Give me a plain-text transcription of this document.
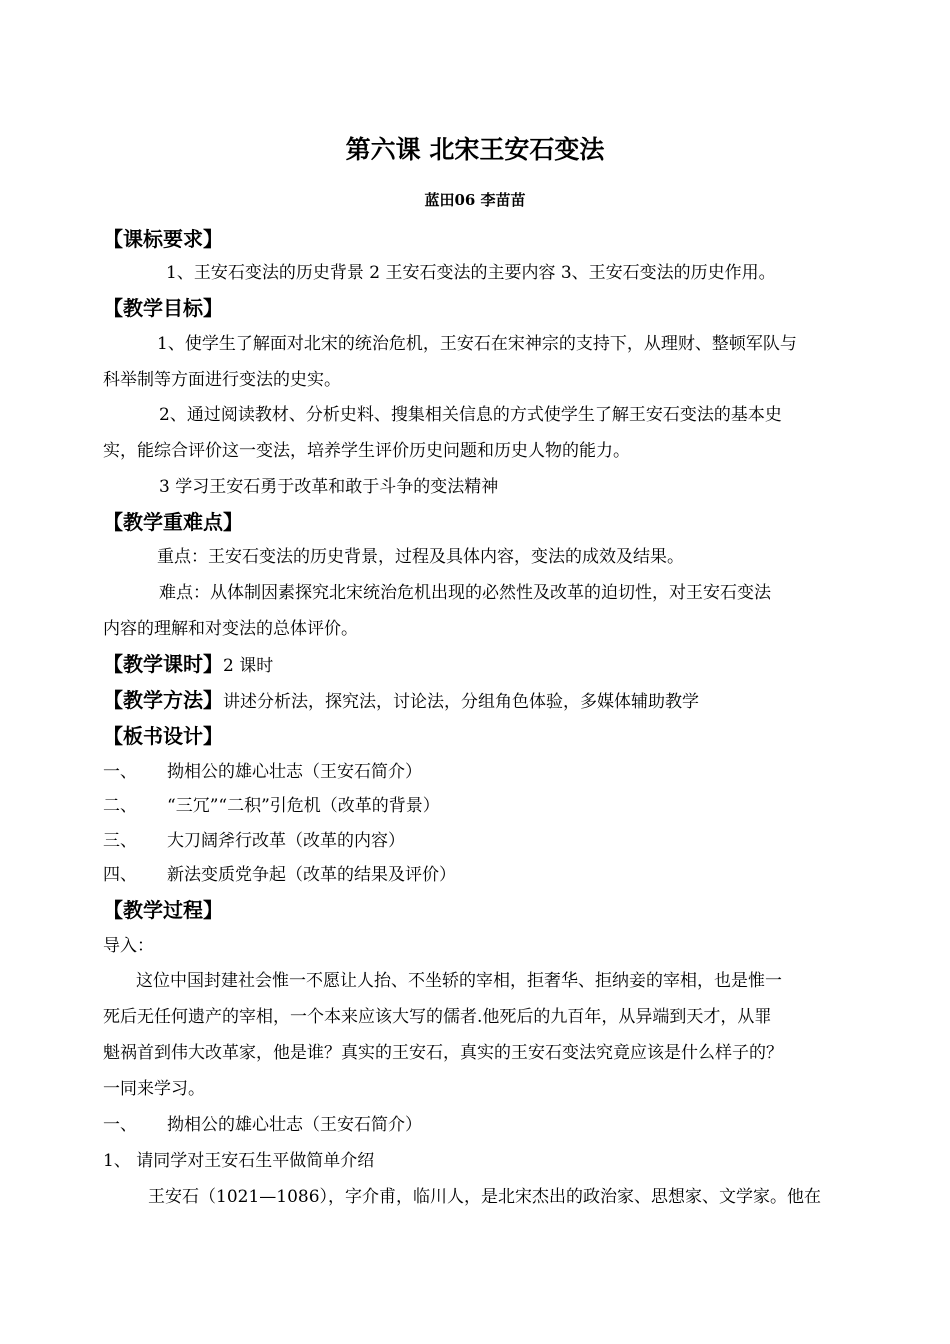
第六课 北宋王安石变法
蓝田06 李苗苗
【课标要求】
1、王安石变法的历史背景 2 王安石变法的主要内容 3、王安石变法的历史作用。
【教学目标】
1、使学生了解面对北宋的统治危机，王安石在宋神宗的支持下，从理财、整顿军队与
科举制等方面进行变法的史实。
2、通过阅读教材、分析史料、搜集相关信息的方式使学生了解王安石变法的基本史
实，能综合评价这一变法，培养学生评价历史问题和历史人物的能力。
3 学习王安石勇于改革和敢于斗争的变法精神
【教学重难点】
重点：王安石变法的历史背景，过程及具体内容，变法的成效及结果。
难点：从体制因素探究北宋统治危机出现的必然性及改革的迫切性，对王安石变法
内容的理解和对变法的总体评价。
【教学课时】2 课时
【教学方法】讲述分析法，探究法，讨论法，分组角色体验，多媒体辅助教学
【板书设计】
一、 拗相公的雄心壮志（王安石简介）
二、 “三冗”“二积”引危机（改革的背景）
三、 大刀阔斧行改革（改革的内容）
四、 新法变质党争起（改革的结果及评价）
【教学过程】
导入：
这位中国封建社会惟一不愿让人抬、不坐轿的宰相，拒奢华、拒纳妾的宰相，也是惟一
死后无任何遗产的宰相，一个本来应该大写的儒者.他死后的九百年，从异端到天才，从罪
魁祸首到伟大改革家，他是谁？真实的王安石，真实的王安石变法究竟应该是什么样子的？
一同来学习。
一、 拗相公的雄心壮志（王安石简介）
1、 请同学对王安石生平做简单介绍
王安石（1021—1086），字介甫，临川人，是北宋杰出的政治家、思想家、文学家。他在
